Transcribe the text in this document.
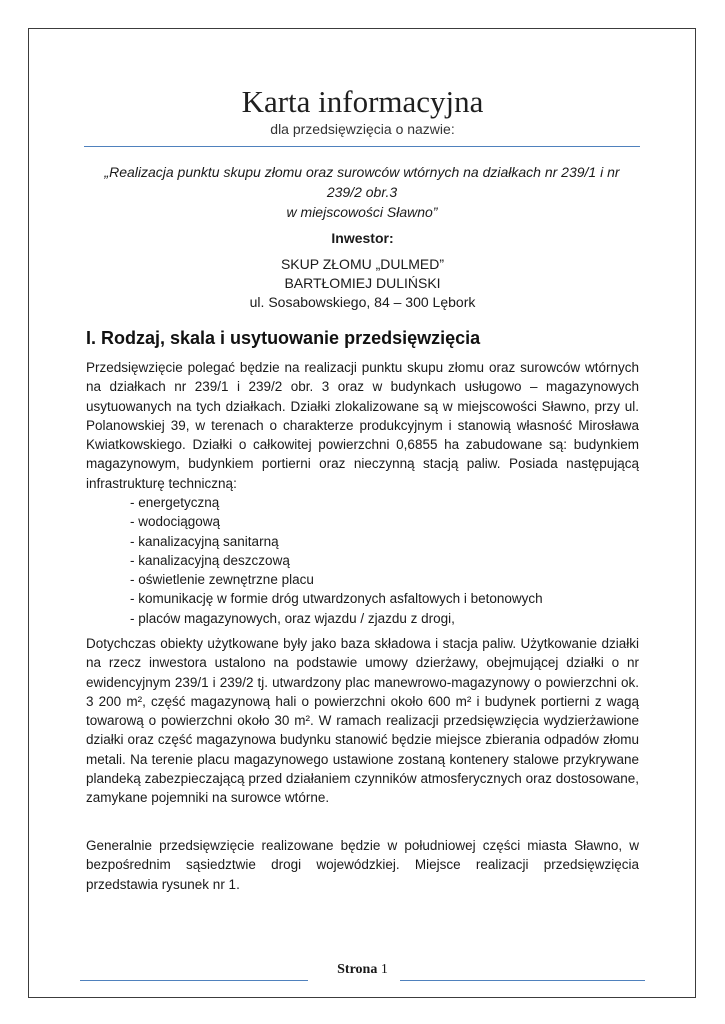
Karta informacyjna
dla przedsięwzięcia o nazwie:
„Realizacja punktu skupu złomu oraz surowców wtórnych na działkach nr 239/1 i nr
239/2 obr.3
w miejscowości Sławno”
Inwestor:
SKUP ZŁOMU „DULMED”
BARTŁOMIEJ DULIŃSKI
ul. Sosabowskiego, 84 – 300 Lębork
I. Rodzaj, skala i usytuowanie przedsięwzięcia

Przedsięwzięcie polegać będzie na realizacji punktu skupu złomu oraz surowców wtórnych na działkach nr 239/1 i 239/2 obr. 3 oraz w budynkach usługowo – magazynowych usytuowanych na tych działkach. Działki zlokalizowane są w miejscowości Sławno, przy ul. Polanowskiej 39, w terenach o charakterze produkcyjnym i stanowią własność Mirosława Kwiatkowskiego. Działki o całkowitej powierzchni 0,6855 ha zabudowane są: budynkiem magazynowym, budynkiem portierni oraz nieczynną stacją paliw. Posiada następującą infrastrukturę techniczną:

- energetyczną
- wodociągową
- kanalizacyjną sanitarną
- kanalizacyjną deszczową
- oświetlenie zewnętrzne placu
- komunikację w formie dróg utwardzonych asfaltowych i betonowych
- placów magazynowych, oraz wjazdu / zjazdu z drogi,

Dotychczas obiekty użytkowane były jako baza składowa i stacja paliw. Użytkowanie działki na rzecz inwestora ustalono na podstawie umowy dzierżawy, obejmującej działki o nr ewidencyjnym 239/1 i 239/2 tj. utwardzony plac manewrowo-magazynowy o powierzchni ok. 3 200 m², część magazynową hali o powierzchni około 600 m² i budynek portierni z wagą towarową o powierzchni około 30 m². W ramach realizacji przedsięwzięcia wydzierżawione działki oraz część magazynowa budynku stanowić będzie miejsce zbierania odpadów złomu metali. Na terenie placu magazynowego ustawione zostaną kontenery stalowe przykrywane plandeką zabezpieczającą przed działaniem czynników atmosferycznych oraz dostosowane, zamykane pojemniki na surowce wtórne.

Generalnie przedsięwzięcie realizowane będzie w południowej części miasta Sławno, w bezpośrednim sąsiedztwie drogi wojewódzkiej. Miejsce realizacji przedsięwzięcia przedstawia rysunek nr 1.

Strona 1
